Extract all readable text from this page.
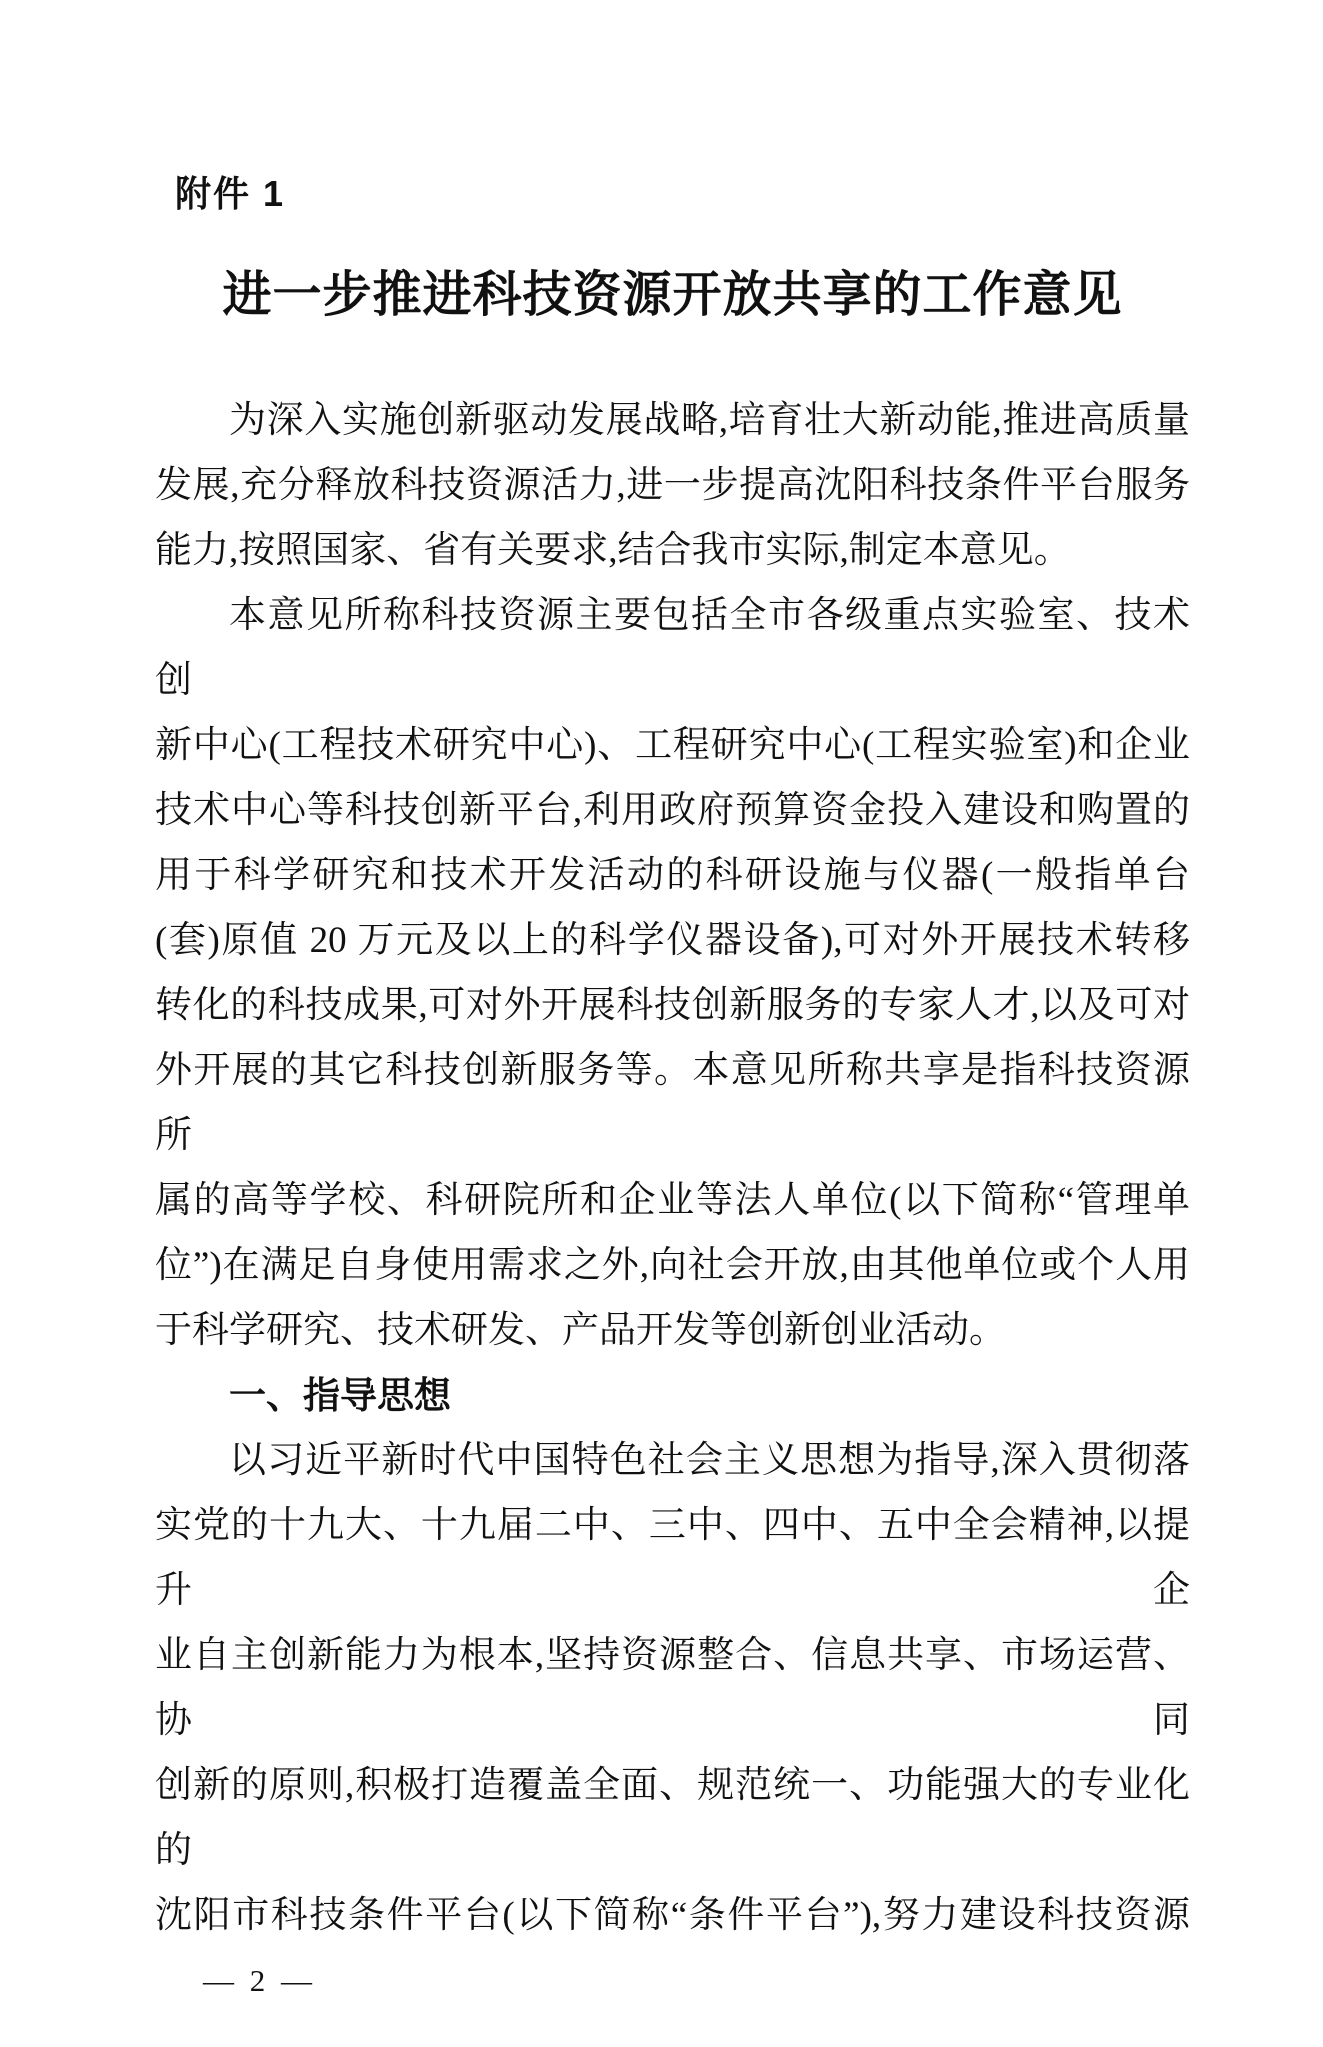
附件 1
进一步推进科技资源开放共享的工作意见
为深入实施创新驱动发展战略,培育壮大新动能,推进高质量
发展,充分释放科技资源活力,进一步提高沈阳科技条件平台服务
能力,按照国家、省有关要求,结合我市实际,制定本意见。
本意见所称科技资源主要包括全市各级重点实验室、技术创
新中心(工程技术研究中心)、工程研究中心(工程实验室)和企业
技术中心等科技创新平台,利用政府预算资金投入建设和购置的
用于科学研究和技术开发活动的科研设施与仪器(一般指单台
(套)原值 20 万元及以上的科学仪器设备),可对外开展技术转移
转化的科技成果,可对外开展科技创新服务的专家人才,以及可对
外开展的其它科技创新服务等。本意见所称共享是指科技资源所
属的高等学校、科研院所和企业等法人单位(以下简称“管理单
位”)在满足自身使用需求之外,向社会开放,由其他单位或个人用
于科学研究、技术研发、产品开发等创新创业活动。
一、指导思想
以习近平新时代中国特色社会主义思想为指导,深入贯彻落
实党的十九大、十九届二中、三中、四中、五中全会精神,以提升企
业自主创新能力为根本,坚持资源整合、信息共享、市场运营、协同
创新的原则,积极打造覆盖全面、规范统一、功能强大的专业化的
沈阳市科技条件平台(以下简称“条件平台”),努力建设科技资源
— 2 —
